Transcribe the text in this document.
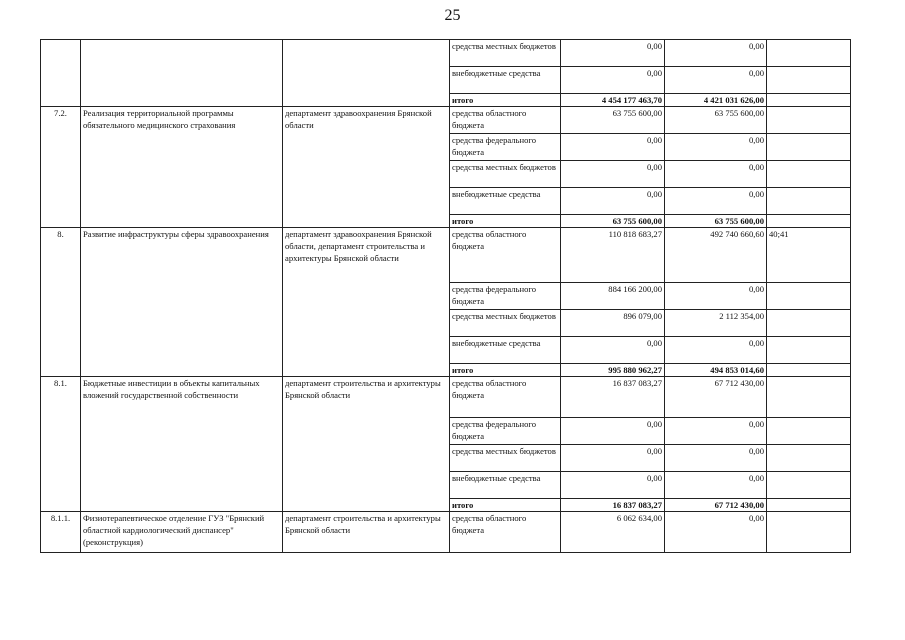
25
			средства местных бюджетов	0,00	0,00	
			внебюджетные средства	0,00	0,00	
			итого	4 454 177 463,70	4 421 031 626,00	
7.2.	Реализация территориальной программы обязательного медицинского страхования	департамент здравоохранения Брянской области	средства областного бюджета	63 755 600,00	63 755 600,00	
			средства федерального бюджета	0,00	0,00	
			средства местных бюджетов	0,00	0,00	
			внебюджетные средства	0,00	0,00	
			итого	63 755 600,00	63 755 600,00	
8.	Развитие инфраструктуры сферы здравоохранения	департамент здравоохранения Брянской области, департамент строительства и архитектуры Брянской области	средства областного бюджета	110 818 683,27	492 740 660,60	40;41
			средства федерального бюджета	884 166 200,00	0,00	
			средства местных бюджетов	896 079,00	2 112 354,00	
			внебюджетные средства	0,00	0,00	
			итого	995 880 962,27	494 853 014,60	
8.1.	Бюджетные инвестиции в объекты капитальных вложений государственной собственности	департамент строительства и архитектуры Брянской области	средства областного бюджета	16 837 083,27	67 712 430,00	
			средства федерального бюджета	0,00	0,00	
			средства местных бюджетов	0,00	0,00	
			внебюджетные средства	0,00	0,00	
			итого	16 837 083,27	67 712 430,00	
8.1.1.	Физиотерапевтическое отделение ГУЗ "Брянский областной кардиологический диспансер" (реконструкция)	департамент строительства и архитектуры Брянской области	средства областного бюджета	6 062 634,00	0,00	
